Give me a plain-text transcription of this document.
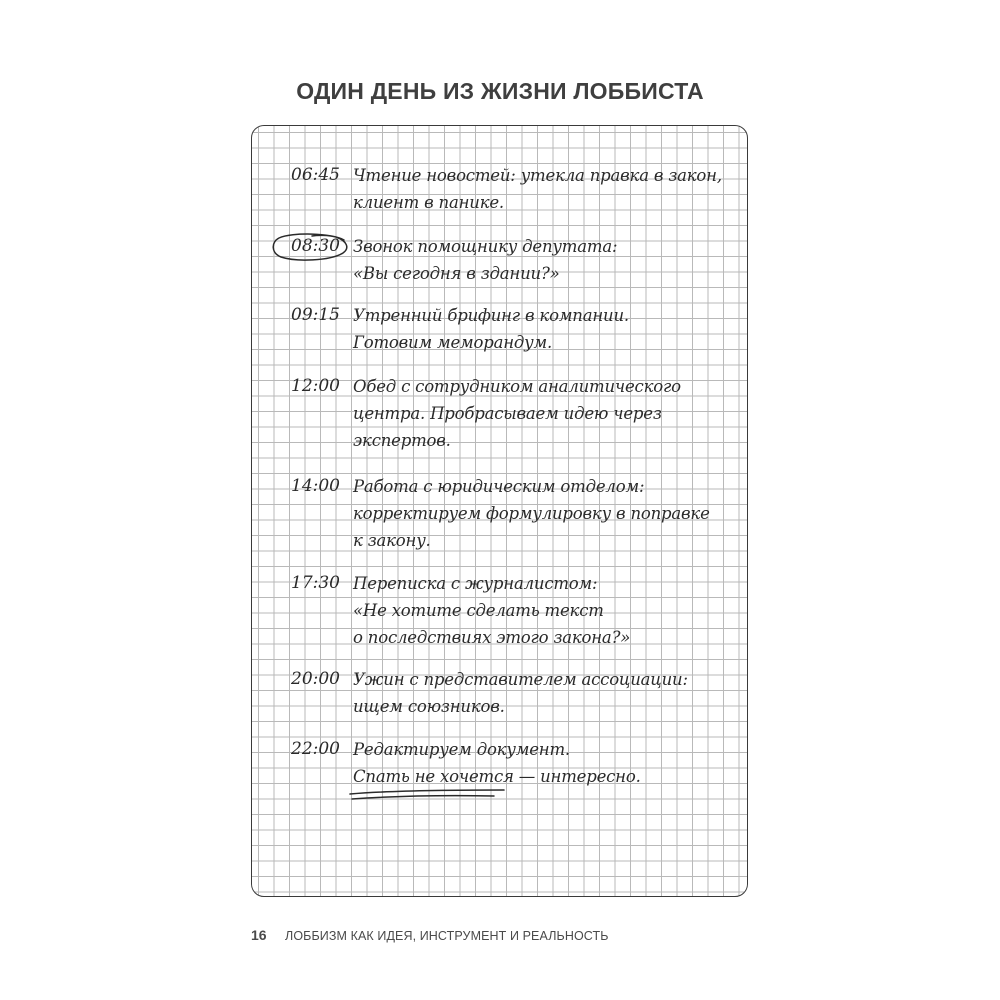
ОДИН ДЕНЬ ИЗ ЖИЗНИ ЛОББИСТА
06:45 Чтение новостей: утекла правка в закон,
клиент в панике.
08:30 Звонок помощнику депутата:
«Вы сегодня в здании?»
09:15 Утренний брифинг в компании.
Готовим меморандум.
12:00 Обед с сотрудником аналитического
центра. Пробрасываем идею через
экспертов.
14:00 Работа с юридическим отделом:
корректируем формулировку в поправке
к закону.
17:30 Переписка с журналистом:
«Не хотите сделать текст
о последствиях этого закона?»
20:00 Ужин с представителем ассоциации:
ищем союзников.
22:00 Редактируем документ.
Спать не хочется — интересно.
16 ЛОББИЗМ КАК ИДЕЯ, ИНСТРУМЕНТ И РЕАЛЬНОСТЬ
